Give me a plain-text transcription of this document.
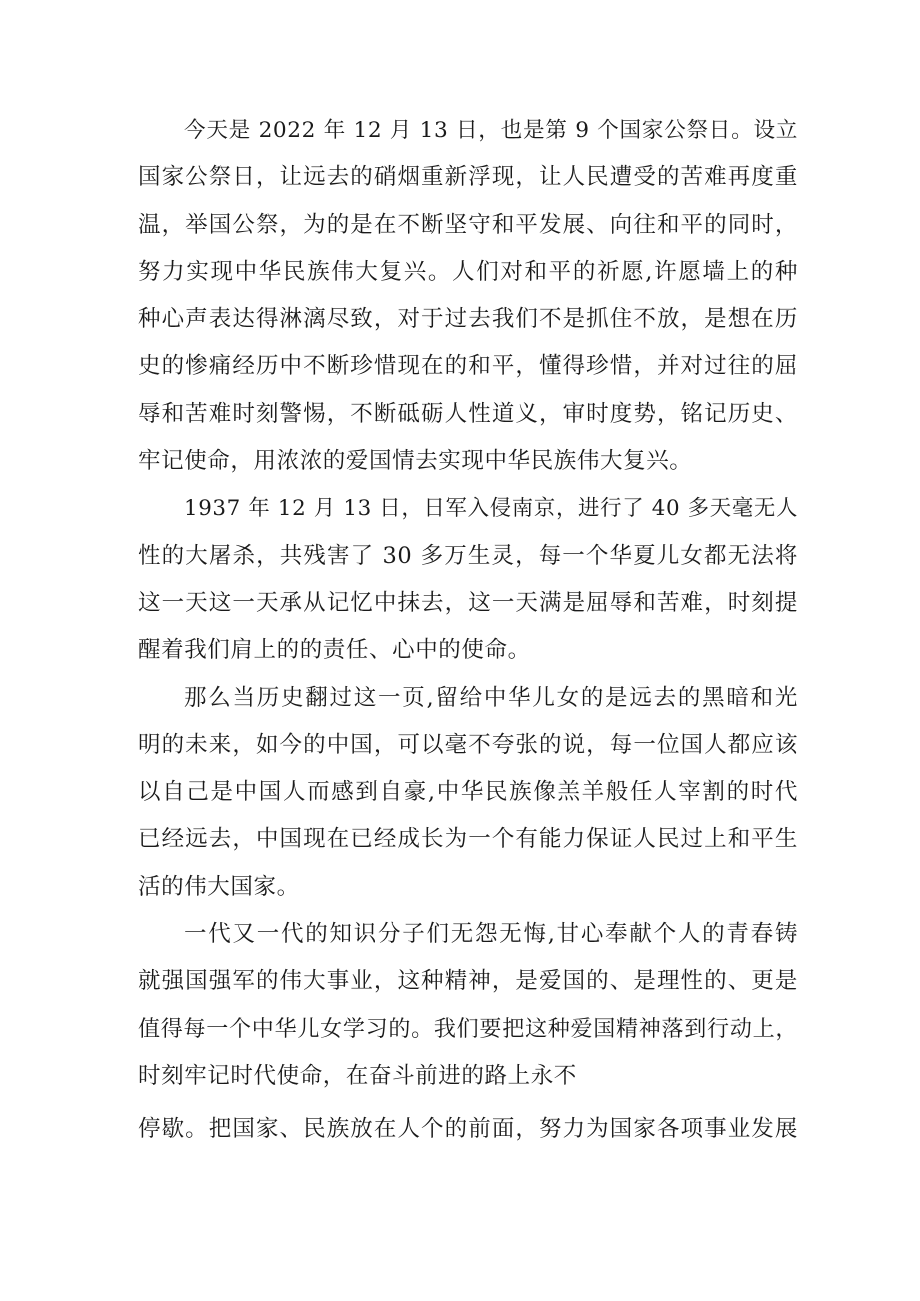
今天是 2022 年 12 月 13 日，也是第 9 个国家公祭日。设立
国家公祭日，让远去的硝烟重新浮现，让人民遭受的苦难再度重
温，举国公祭，为的是在不断坚守和平发展、向往和平的同时，
努力实现中华民族伟大复兴。人们对和平的祈愿,许愿墙上的种
种心声表达得淋漓尽致，对于过去我们不是抓住不放，是想在历
史的惨痛经历中不断珍惜现在的和平，懂得珍惜，并对过往的屈
辱和苦难时刻警惕，不断砥砺人性道义，审时度势，铭记历史、
牢记使命，用浓浓的爱国情去实现中华民族伟大复兴。
1937 年 12 月 13 日，日军入侵南京，进行了 40 多天毫无人
性的大屠杀，共残害了 30 多万生灵，每一个华夏儿女都无法将
这一天这一天承从记忆中抹去，这一天满是屈辱和苦难，时刻提
醒着我们肩上的的责任、心中的使命。
那么当历史翻过这一页,留给中华儿女的是远去的黑暗和光
明的未来，如今的中国，可以毫不夸张的说，每一位国人都应该
以自己是中国人而感到自豪,中华民族像羔羊般任人宰割的时代
已经远去，中国现在已经成长为一个有能力保证人民过上和平生
活的伟大国家。
一代又一代的知识分子们无怨无悔,甘心奉献个人的青春铸
就强国强军的伟大事业，这种精神，是爱国的、是理性的、更是
值得每一个中华儿女学习的。我们要把这种爱国精神落到行动上，
时刻牢记时代使命，在奋斗前进的路上永不
停歇。把国家、民族放在人个的前面，努力为国家各项事业发展
